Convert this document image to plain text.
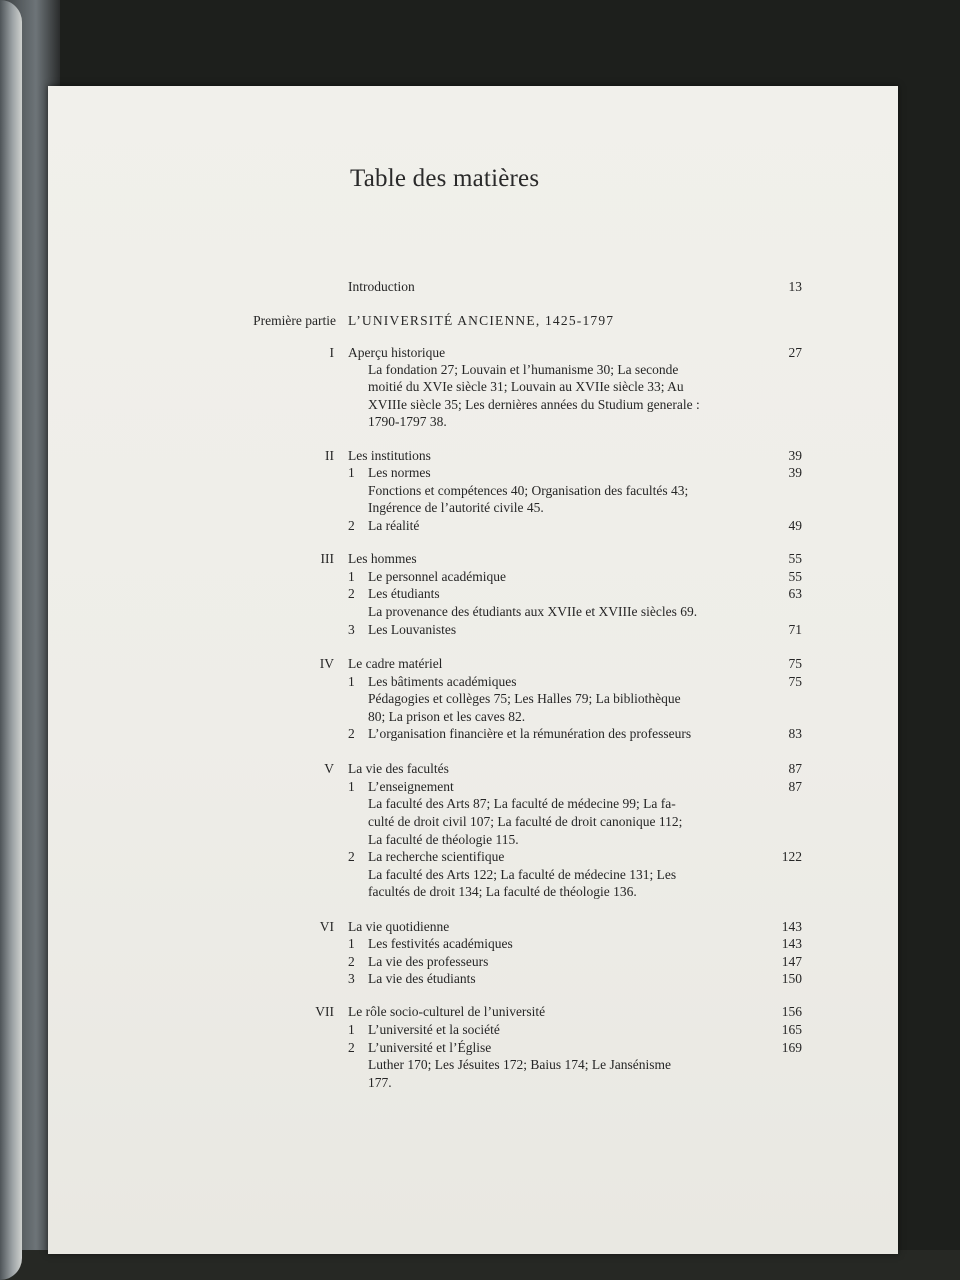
Table des matières
Introduction	13
Première partie L’UNIVERSITÉ ANCIENNE, 1425-1797
I Aperçu historique	27
La fondation 27; Louvain et l’humanisme 30; La seconde
moitié du XVIe siècle 31; Louvain au XVIIe siècle 33; Au
XVIIIe siècle 35; Les dernières années du Studium generale :
1790-1797 38.
II Les institutions	39
1 Les normes	39
Fonctions et compétences 40; Organisation des facultés 43;
Ingérence de l’autorité civile 45.
2 La réalité	49
III Les hommes	55
1 Le personnel académique	55
2 Les étudiants	63
La provenance des étudiants aux XVIIe et XVIIIe siècles 69.
3 Les Louvanistes	71
IV Le cadre matériel	75
1 Les bâtiments académiques	75
Pédagogies et collèges 75; Les Halles 79; La bibliothèque
80; La prison et les caves 82.
2 L’organisation financière et la rémunération des professeurs	83
V La vie des facultés	87
1 L’enseignement	87
La faculté des Arts 87; La faculté de médecine 99; La fa-
culté de droit civil 107; La faculté de droit canonique 112;
La faculté de théologie 115.
2 La recherche scientifique	122
La faculté des Arts 122; La faculté de médecine 131; Les
facultés de droit 134; La faculté de théologie 136.
VI La vie quotidienne	143
1 Les festivités académiques	143
2 La vie des professeurs	147
3 La vie des étudiants	150
VII Le rôle socio-culturel de l’université	156
1 L’université et la société	165
2 L’université et l’Église	169
Luther 170; Les Jésuites 172; Baius 174; Le Jansénisme
177.
